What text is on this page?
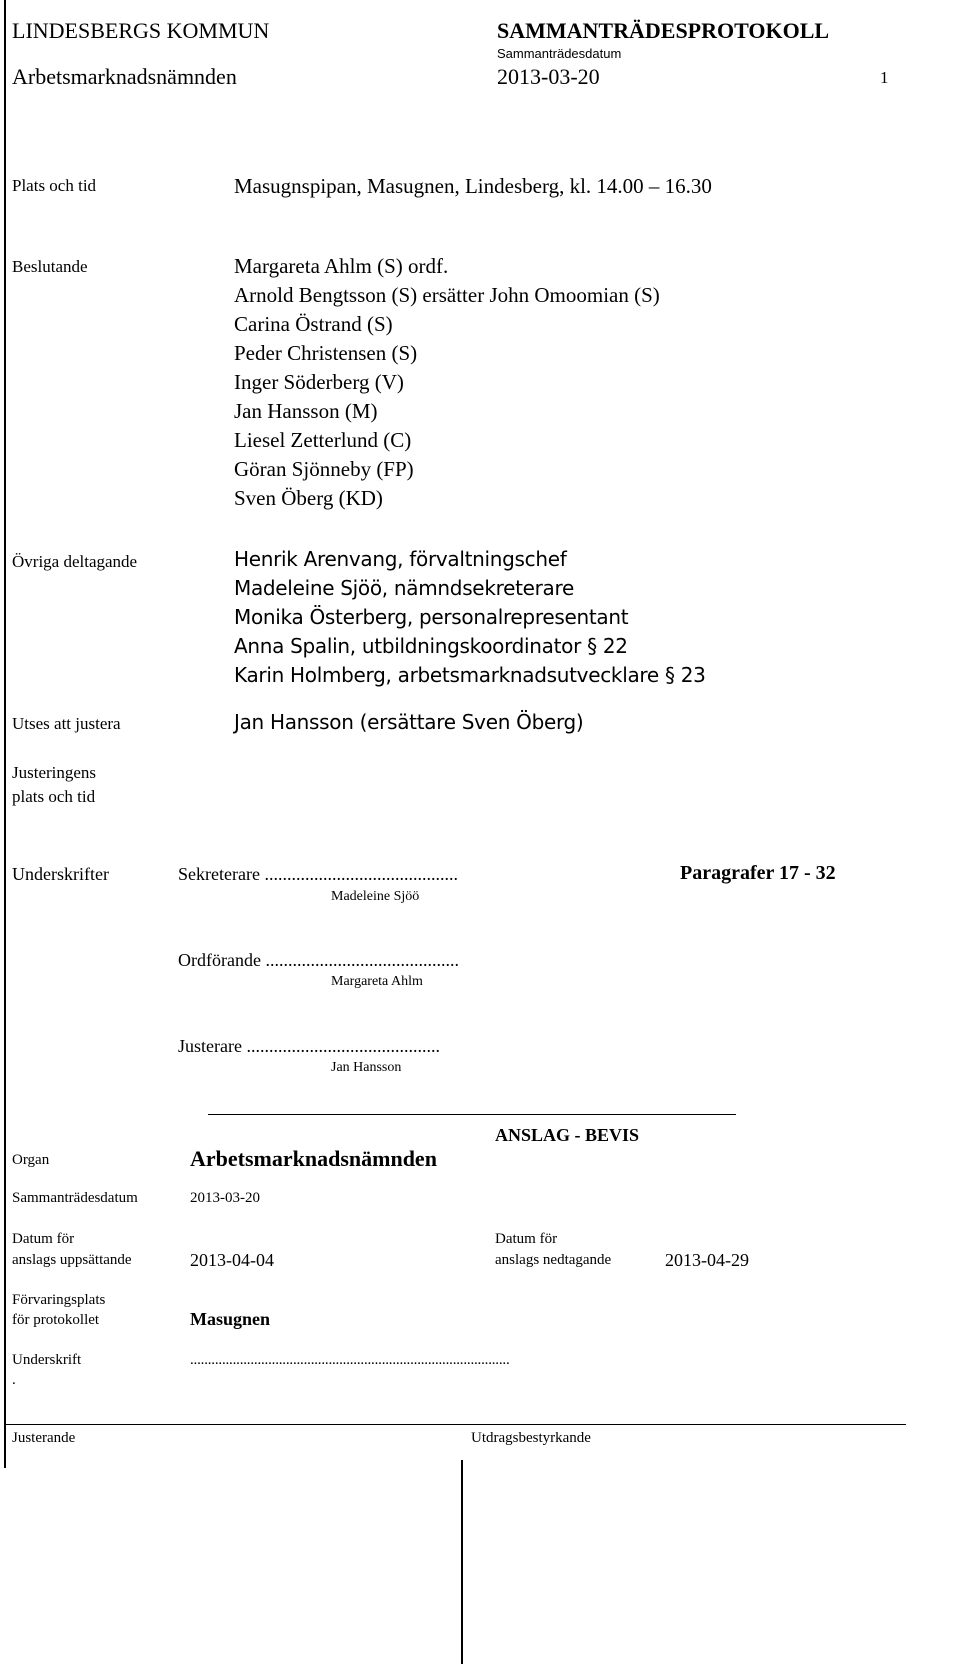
LINDESBERGS KOMMUN	SAMMANTRÄDESPROTOKOLL
Sammanträdesdatum
Arbetsmarknadsnämnden	2013-03-20	1
Plats och tid	Masugnspipan, Masugnen, Lindesberg, kl. 14.00 – 16.30
Beslutande	Margareta Ahlm (S) ordf.
Arnold Bengtsson (S) ersätter John Omoomian (S)
Carina Östrand (S)
Peder Christensen (S)
Inger Söderberg (V)
Jan Hansson (M)
Liesel Zetterlund (C)
Göran Sjönneby (FP)
Sven Öberg (KD)
Övriga deltagande	Henrik Arenvang, förvaltningschef
Madeleine Sjöö, nämndsekreterare
Monika Österberg, personalrepresentant
Anna Spalin, utbildningskoordinator § 22
Karin Holmberg, arbetsmarknadsutvecklare § 23
Utses att justera	Jan Hansson (ersättare Sven Öberg)
Justeringens
plats och tid
Underskrifter	Sekreterare ...........................................
Madeleine Sjöö
Paragrafer 17 - 32
Ordförande ...........................................
Margareta Ahlm
Justerare ...........................................
Jan Hansson
ANSLAG - BEVIS
Organ	Arbetsmarknadsnämnden
Sammanträdesdatum	2013-03-20
Datum för
anslags uppsättande	2013-04-04
Datum för
anslags nedtagande	2013-04-29
Förvaringsplats
för protokollet	Masugnen
Underskrift	..........................................................................................
.
Justerande	Utdragsbestyrkande
